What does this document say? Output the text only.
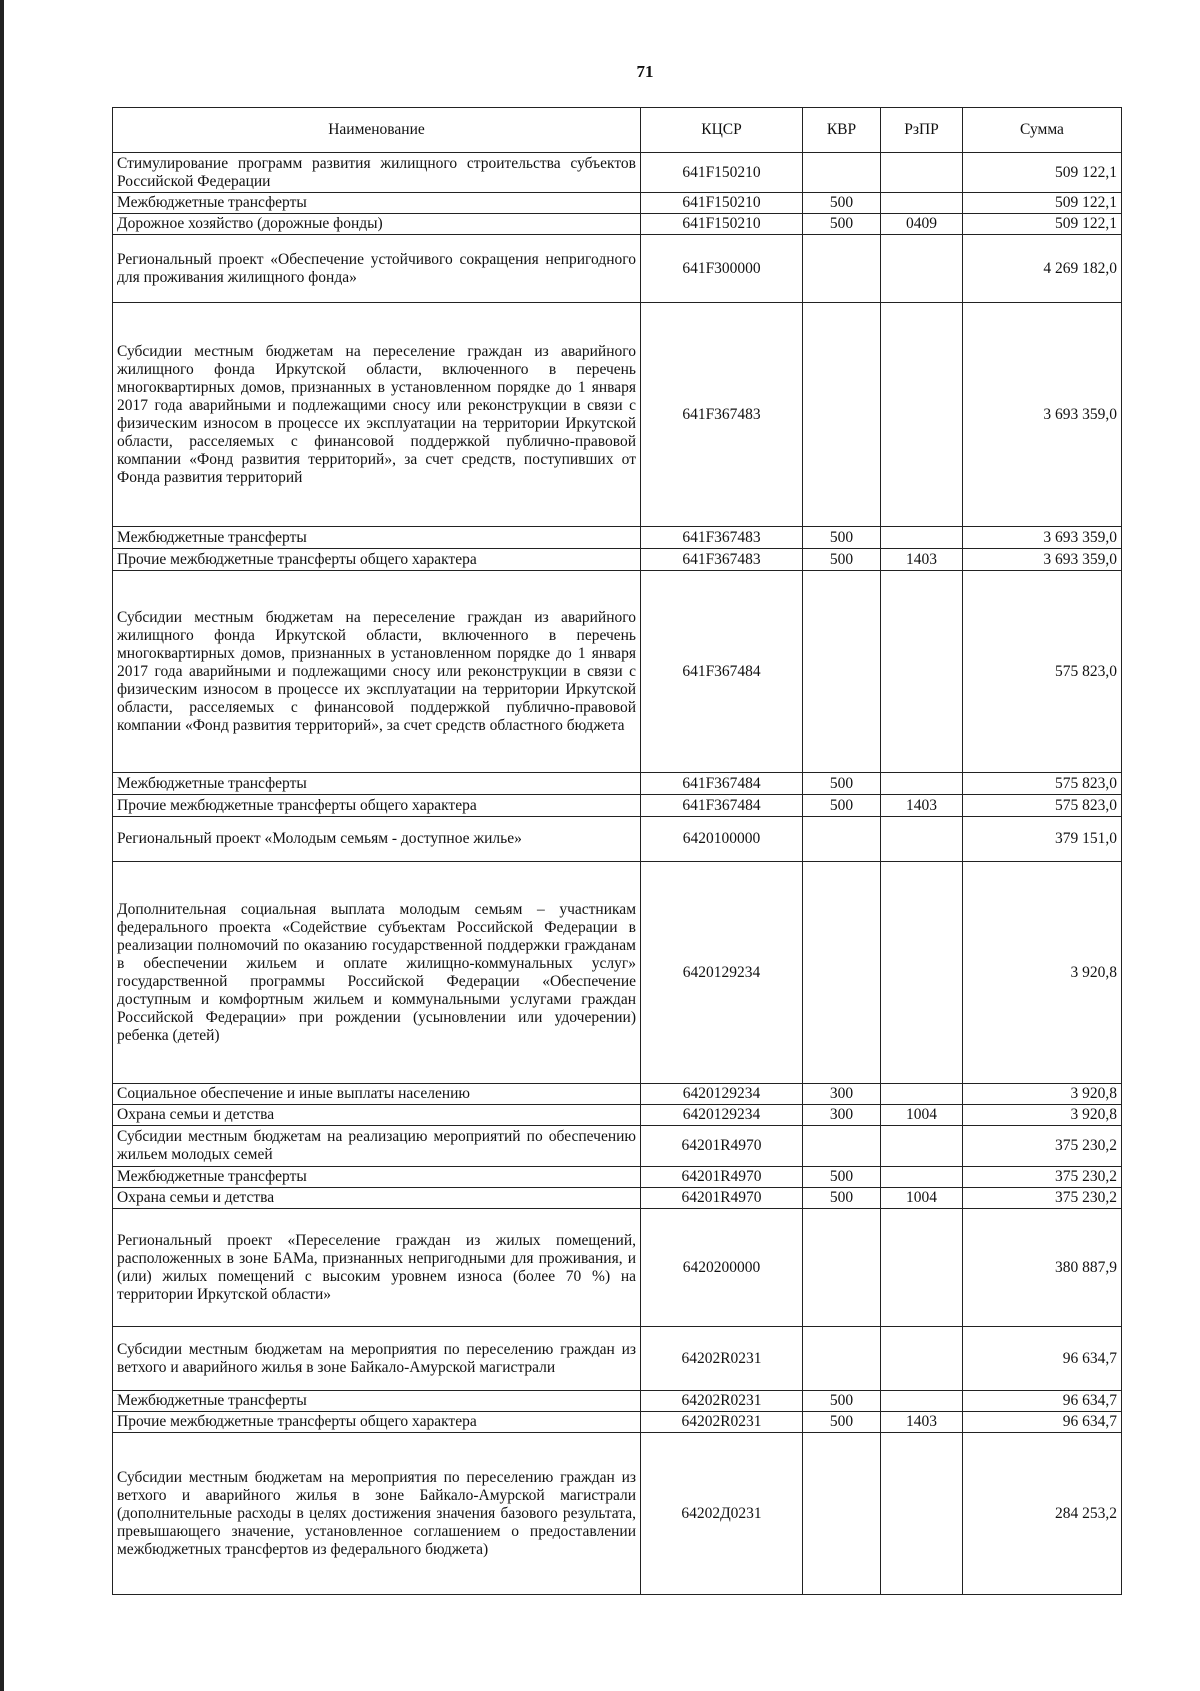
71
Наименование	КЦСР	КВР	РзПР	Сумма
Стимулирование программ развития жилищного строительства субъектов Российской Федерации	641F150210			509 122,1
Межбюджетные трансферты	641F150210	500		509 122,1
Дорожное хозяйство (дорожные фонды)	641F150210	500	0409	509 122,1
Региональный проект «Обеспечение устойчивого сокращения непригодного для проживания жилищного фонда»	641F300000			4 269 182,0
Субсидии местным бюджетам на переселение граждан из аварийного жилищного фонда Иркутской области, включенного в перечень многоквартирных домов, признанных в установленном порядке до 1 января 2017 года аварийными и подлежащими сносу или реконструкции в связи с физическим износом в процессе их эксплуатации на территории Иркутской области, расселяемых с финансовой поддержкой публично-правовой компании «Фонд развития территорий», за счет средств, поступивших от Фонда развития территорий	641F367483			3 693 359,0
Межбюджетные трансферты	641F367483	500		3 693 359,0
Прочие межбюджетные трансферты общего характера	641F367483	500	1403	3 693 359,0
Субсидии местным бюджетам на переселение граждан из аварийного жилищного фонда Иркутской области, включенного в перечень многоквартирных домов, признанных в установленном порядке до 1 января 2017 года аварийными и подлежащими сносу или реконструкции в связи с физическим износом в процессе их эксплуатации на территории Иркутской области, расселяемых с финансовой поддержкой публично-правовой компании «Фонд развития территорий», за счет средств областного бюджета	641F367484			575 823,0
Межбюджетные трансферты	641F367484	500		575 823,0
Прочие межбюджетные трансферты общего характера	641F367484	500	1403	575 823,0
Региональный проект «Молодым семьям - доступное жилье»	6420100000			379 151,0
Дополнительная социальная выплата молодым семьям – участникам федерального проекта «Содействие субъектам Российской Федерации в реализации полномочий по оказанию государственной поддержки гражданам в обеспечении жильем и оплате жилищно-коммунальных услуг» государственной программы Российской Федерации «Обеспечение доступным и комфортным жильем и коммунальными услугами граждан Российской Федерации» при рождении (усыновлении или удочерении) ребенка (детей)	6420129234			3 920,8
Социальное обеспечение и иные выплаты населению	6420129234	300		3 920,8
Охрана семьи и детства	6420129234	300	1004	3 920,8
Субсидии местным бюджетам на реализацию мероприятий по обеспечению жильем молодых семей	64201R4970			375 230,2
Межбюджетные трансферты	64201R4970	500		375 230,2
Охрана семьи и детства	64201R4970	500	1004	375 230,2
Региональный проект «Переселение граждан из жилых помещений, расположенных в зоне БАМа, признанных непригодными для проживания, и (или) жилых помещений с высоким уровнем износа (более 70 %) на территории Иркутской области»	6420200000			380 887,9
Субсидии местным бюджетам на мероприятия по переселению граждан из ветхого и аварийного жилья в зоне Байкало-Амурской магистрали	64202R0231			96 634,7
Межбюджетные трансферты	64202R0231	500		96 634,7
Прочие межбюджетные трансферты общего характера	64202R0231	500	1403	96 634,7
Субсидии местным бюджетам на мероприятия по переселению граждан из ветхого и аварийного жилья в зоне Байкало-Амурской магистрали (дополнительные расходы в целях достижения значения базового результата, превышающего значение, установленное соглашением о предоставлении межбюджетных трансфертов из федерального бюджета)	64202Д0231			284 253,2
